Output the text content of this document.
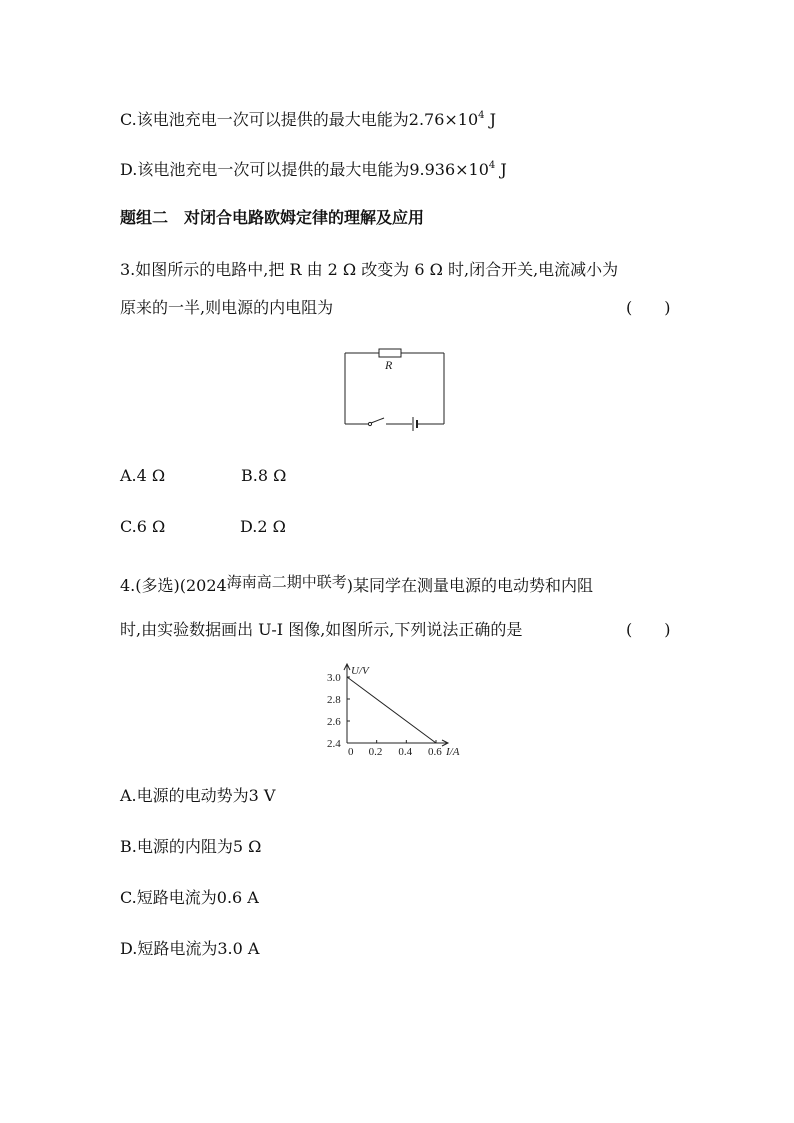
C.该电池充电一次可以提供的最大电能为$2.76\times 10^4$ J
D.该电池充电一次可以提供的最大电能为$9.936\times 10^4$ J
题组二　对闭合电路欧姆定律的理解及应用
3.如图所示的电路中,把 R 由 2 Ω 改变为 6 Ω 时,闭合开关,电流减小为
原来的一半,则电源的内电阻为	(　　)
R
A.4 Ω	B.8 Ω
C.6 Ω	D.2 Ω
4.(多选)(2024海南高二期中联考)某同学在测量电源的电动势和内阻
时,由实验数据画出 U-I 图像,如图所示,下列说法正确的是	(　　)
3.0
2.8
2.6
2.4
0 0.2 0.4 0.6
U/V
I/A
A.电源的电动势为3 V
B.电源的内阻为5 Ω
C.短路电流为0.6 A
D.短路电流为3.0 A
